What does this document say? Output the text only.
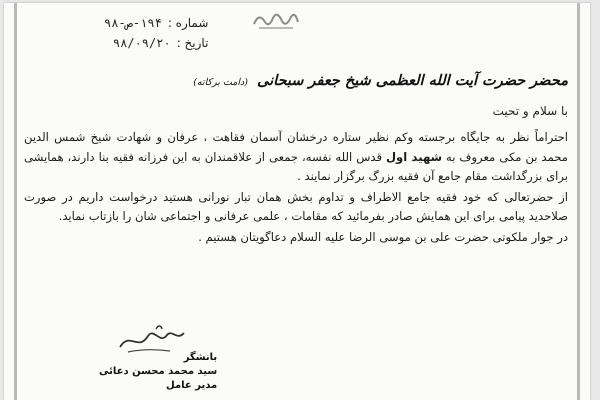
شماره :
۱۹۴-ص-۹۸
تاریخ :
۹۸/۰۹/۲۰
محضر حضرت آیت الله العظمی شیخ جعفر سبحانی (دامت برکاته)
با سلام و تحیت

احتراماً نظر به جایگاه برجسته وکم نظیر ستاره درخشان آسمان فقاهت ، عرفان و شهادت شیخ شمس الدین محمد بن مکی معروف به شهید اول قدس الله نفسه، جمعی از علاقمندان به این فرزانه فقیه بنا دارند، همایشی برای بزرگداشت مقام جامع آن فقیه بزرگ برگزار نمایند .

از حضرتعالی که خود فقیه جامع الاطراف و تداوم بخش همان تبار نورانی هستید درخواست داریم در صورت صلاحدید پیامی برای این همایش صادر بفرمائید که مقامات ، علمی عرفانی و اجتماعی شان را بازتاب نماید.

در جوار ملکوتی حضرت علی بن موسی الرضا علیه السلام دعاگویتان هستیم .

بانشگر
سید محمد محسن دعائی
مدیر عامل
